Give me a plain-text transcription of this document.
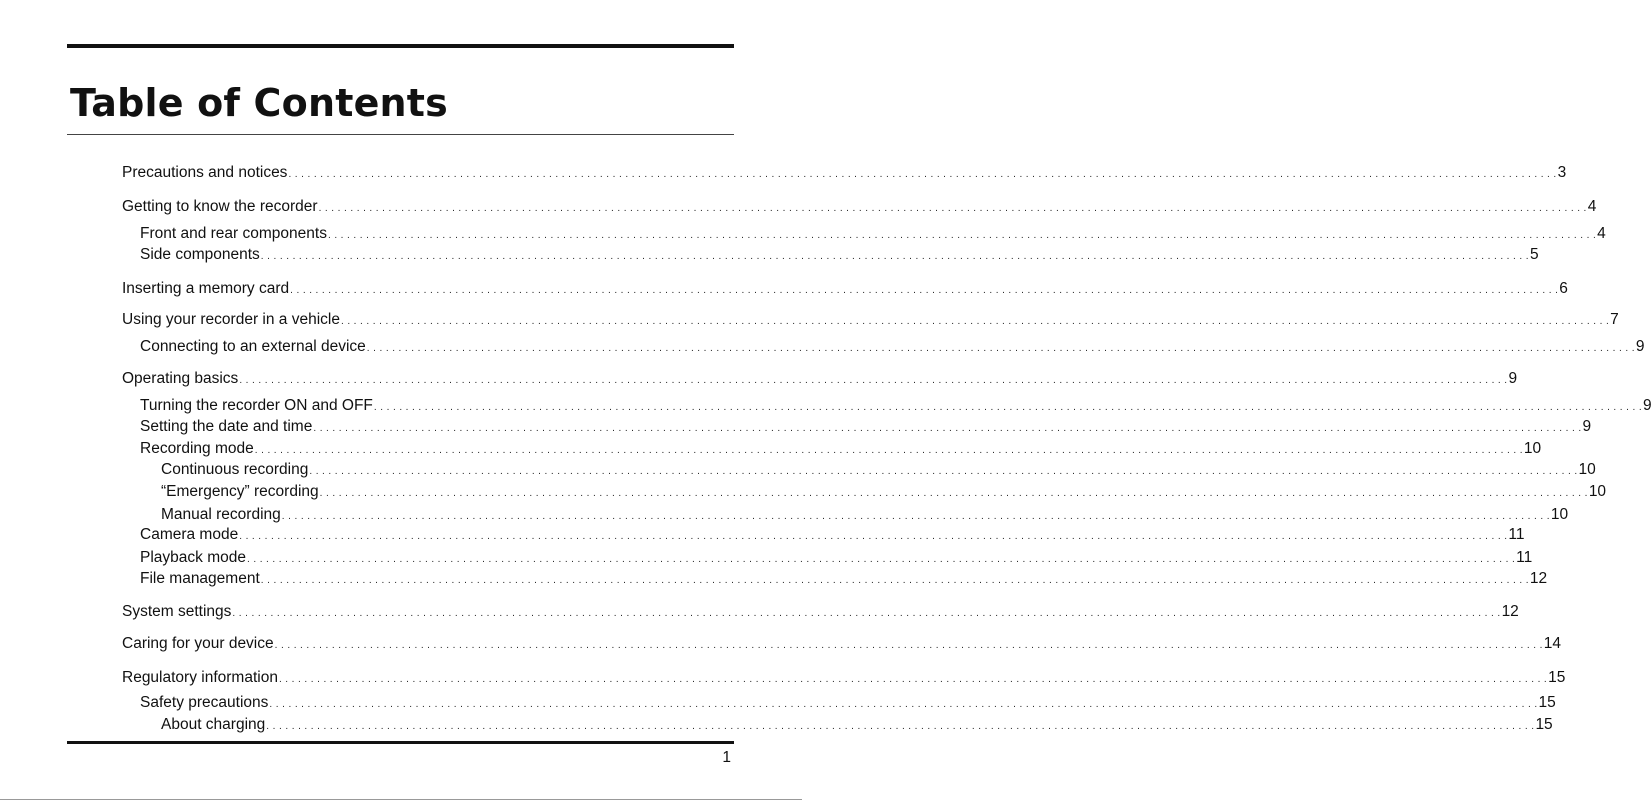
Table of Contents
Precautions and notices . . . . . . . . . . . . . . . . . . . . . . . . . . . . . . . . . . . . . . . . . . . . . . . . . . . . . . . . . . . . . . . . . . . . . . . . . . . . . . . . . . . . . . . . . . . . . . . . . . . . . . . . . . . . . . . . . . . . . . . . . . . . . . . . . . . . . . . . . . . . . . . . . . . . . . . . . . . . . . . . . . . . . . . . . . . . . . . . . . . . . . . . . . . . . . . . . . . . . . . . 3
Getting to know the recorder . . . . . . . . . . . . . . . . . . . . . . . . . . . . . . . . . . . . . . . . . . . . . . . . . . . . . . . . . . . . . . . . . . . . . . . . . . . . . . . . . . . . . . . . . . . . . . . . . . . . . . . . . . . . . . . . . . . . . . . . . . . . . . . . . . . . . . . . . . . . . . . . . . . . . . . . . . . . . . . . . . . . . . . . . . . . . . . . . . . . . . . . . . . . . . . . . . . . . . . . 4
Front and rear components . . . . . . . . . . . . . . . . . . . . . . . . . . . . . . . . . . . . . . . . . . . . . . . . . . . . . . . . . . . . . . . . . . . . . . . . . . . . . . . . . . . . . . . . . . . . . . . . . . . . . . . . . . . . . . . . . . . . . . . . . . . . . . . . . . . . . . . . . . . . . . . . . . . . . . . . . . . . . . . . . . . . . . . . . . . . . . . . . . . . . . . . . . . . . . . . . . . . . . . . 4
Side components . . . . . . . . . . . . . . . . . . . . . . . . . . . . . . . . . . . . . . . . . . . . . . . . . . . . . . . . . . . . . . . . . . . . . . . . . . . . . . . . . . . . . . . . . . . . . . . . . . . . . . . . . . . . . . . . . . . . . . . . . . . . . . . . . . . . . . . . . . . . . . . . . . . . . . . . . . . . . . . . . . . . . . . . . . . . . . . . . . . . . . . . . . . . . . . . . . . . . . . . 5
Inserting a memory card . . . . . . . . . . . . . . . . . . . . . . . . . . . . . . . . . . . . . . . . . . . . . . . . . . . . . . . . . . . . . . . . . . . . . . . . . . . . . . . . . . . . . . . . . . . . . . . . . . . . . . . . . . . . . . . . . . . . . . . . . . . . . . . . . . . . . . . . . . . . . . . . . . . . . . . . . . . . . . . . . . . . . . . . . . . . . . . . . . . . . . . . . . . . . . . . . . . . . . . . 6
Using your recorder in a vehicle . . . . . . . . . . . . . . . . . . . . . . . . . . . . . . . . . . . . . . . . . . . . . . . . . . . . . . . . . . . . . . . . . . . . . . . . . . . . . . . . . . . . . . . . . . . . . . . . . . . . . . . . . . . . . . . . . . . . . . . . . . . . . . . . . . . . . . . . . . . . . . . . . . . . . . . . . . . . . . . . . . . . . . . . . . . . . . . . . . . . . . . . . . . . . . . . . . . . . . . . 7
Connecting to an external device . . . . . . . . . . . . . . . . . . . . . . . . . . . . . . . . . . . . . . . . . . . . . . . . . . . . . . . . . . . . . . . . . . . . . . . . . . . . . . . . . . . . . . . . . . . . . . . . . . . . . . . . . . . . . . . . . . . . . . . . . . . . . . . . . . . . . . . . . . . . . . . . . . . . . . . . . . . . . . . . . . . . . . . . . . . . . . . . . . . . . . . . . . . . . . . . . . . . . . . . 9
Operating basics . . . . . . . . . . . . . . . . . . . . . . . . . . . . . . . . . . . . . . . . . . . . . . . . . . . . . . . . . . . . . . . . . . . . . . . . . . . . . . . . . . . . . . . . . . . . . . . . . . . . . . . . . . . . . . . . . . . . . . . . . . . . . . . . . . . . . . . . . . . . . . . . . . . . . . . . . . . . . . . . . . . . . . . . . . . . . . . . . . . . . . . . . . . . . . . . . . . . . . . . 9
Turning the recorder ON and OFF . . . . . . . . . . . . . . . . . . . . . . . . . . . . . . . . . . . . . . . . . . . . . . . . . . . . . . . . . . . . . . . . . . . . . . . . . . . . . . . . . . . . . . . . . . . . . . . . . . . . . . . . . . . . . . . . . . . . . . . . . . . . . . . . . . . . . . . . . . . . . . . . . . . . . . . . . . . . . . . . . . . . . . . . . . . . . . . . . . . . . . . . . . . . . . . . . . . . . . . . 9
Setting the date and time . . . . . . . . . . . . . . . . . . . . . . . . . . . . . . . . . . . . . . . . . . . . . . . . . . . . . . . . . . . . . . . . . . . . . . . . . . . . . . . . . . . . . . . . . . . . . . . . . . . . . . . . . . . . . . . . . . . . . . . . . . . . . . . . . . . . . . . . . . . . . . . . . . . . . . . . . . . . . . . . . . . . . . . . . . . . . . . . . . . . . . . . . . . . . . . . . . . . . . . . 9
Recording mode . . . . . . . . . . . . . . . . . . . . . . . . . . . . . . . . . . . . . . . . . . . . . . . . . . . . . . . . . . . . . . . . . . . . . . . . . . . . . . . . . . . . . . . . . . . . . . . . . . . . . . . . . . . . . . . . . . . . . . . . . . . . . . . . . . . . . . . . . . . . . . . . . . . . . . . . . . . . . . . . . . . . . . . . . . . . . . . . . . . . . . . . . . . . . . . . . . . . . . . . 10
Continuous recording . . . . . . . . . . . . . . . . . . . . . . . . . . . . . . . . . . . . . . . . . . . . . . . . . . . . . . . . . . . . . . . . . . . . . . . . . . . . . . . . . . . . . . . . . . . . . . . . . . . . . . . . . . . . . . . . . . . . . . . . . . . . . . . . . . . . . . . . . . . . . . . . . . . . . . . . . . . . . . . . . . . . . . . . . . . . . . . . . . . . . . . . . . . . . . . . . . . . . . . . 10
“Emergency” recording . . . . . . . . . . . . . . . . . . . . . . . . . . . . . . . . . . . . . . . . . . . . . . . . . . . . . . . . . . . . . . . . . . . . . . . . . . . . . . . . . . . . . . . . . . . . . . . . . . . . . . . . . . . . . . . . . . . . . . . . . . . . . . . . . . . . . . . . . . . . . . . . . . . . . . . . . . . . . . . . . . . . . . . . . . . . . . . . . . . . . . . . . . . . . . . . . . . . . . . . 10
Manual recording . . . . . . . . . . . . . . . . . . . . . . . . . . . . . . . . . . . . . . . . . . . . . . . . . . . . . . . . . . . . . . . . . . . . . . . . . . . . . . . . . . . . . . . . . . . . . . . . . . . . . . . . . . . . . . . . . . . . . . . . . . . . . . . . . . . . . . . . . . . . . . . . . . . . . . . . . . . . . . . . . . . . . . . . . . . . . . . . . . . . . . . . . . . . . . . . . . . . . . . . 10
Camera mode . . . . . . . . . . . . . . . . . . . . . . . . . . . . . . . . . . . . . . . . . . . . . . . . . . . . . . . . . . . . . . . . . . . . . . . . . . . . . . . . . . . . . . . . . . . . . . . . . . . . . . . . . . . . . . . . . . . . . . . . . . . . . . . . . . . . . . . . . . . . . . . . . . . . . . . . . . . . . . . . . . . . . . . . . . . . . . . . . . . . . . . . . . . . . . . . . . . . . . . . 11
Playback mode . . . . . . . . . . . . . . . . . . . . . . . . . . . . . . . . . . . . . . . . . . . . . . . . . . . . . . . . . . . . . . . . . . . . . . . . . . . . . . . . . . . . . . . . . . . . . . . . . . . . . . . . . . . . . . . . . . . . . . . . . . . . . . . . . . . . . . . . . . . . . . . . . . . . . . . . . . . . . . . . . . . . . . . . . . . . . . . . . . . . . . . . . . . . . . . . . . . . . . . . 11
File management . . . . . . . . . . . . . . . . . . . . . . . . . . . . . . . . . . . . . . . . . . . . . . . . . . . . . . . . . . . . . . . . . . . . . . . . . . . . . . . . . . . . . . . . . . . . . . . . . . . . . . . . . . . . . . . . . . . . . . . . . . . . . . . . . . . . . . . . . . . . . . . . . . . . . . . . . . . . . . . . . . . . . . . . . . . . . . . . . . . . . . . . . . . . . . . . . . . . . . . . 12
System settings . . . . . . . . . . . . . . . . . . . . . . . . . . . . . . . . . . . . . . . . . . . . . . . . . . . . . . . . . . . . . . . . . . . . . . . . . . . . . . . . . . . . . . . . . . . . . . . . . . . . . . . . . . . . . . . . . . . . . . . . . . . . . . . . . . . . . . . . . . . . . . . . . . . . . . . . . . . . . . . . . . . . . . . . . . . . . . . . . . . . . . . . . . . . . . . . . . . . . . . . 12
Caring for your device . . . . . . . . . . . . . . . . . . . . . . . . . . . . . . . . . . . . . . . . . . . . . . . . . . . . . . . . . . . . . . . . . . . . . . . . . . . . . . . . . . . . . . . . . . . . . . . . . . . . . . . . . . . . . . . . . . . . . . . . . . . . . . . . . . . . . . . . . . . . . . . . . . . . . . . . . . . . . . . . . . . . . . . . . . . . . . . . . . . . . . . . . . . . . . . . . . . . . . . . 14
Regulatory information . . . . . . . . . . . . . . . . . . . . . . . . . . . . . . . . . . . . . . . . . . . . . . . . . . . . . . . . . . . . . . . . . . . . . . . . . . . . . . . . . . . . . . . . . . . . . . . . . . . . . . . . . . . . . . . . . . . . . . . . . . . . . . . . . . . . . . . . . . . . . . . . . . . . . . . . . . . . . . . . . . . . . . . . . . . . . . . . . . . . . . . . . . . . . . . . . . . . . . . . 15
Safety precautions . . . . . . . . . . . . . . . . . . . . . . . . . . . . . . . . . . . . . . . . . . . . . . . . . . . . . . . . . . . . . . . . . . . . . . . . . . . . . . . . . . . . . . . . . . . . . . . . . . . . . . . . . . . . . . . . . . . . . . . . . . . . . . . . . . . . . . . . . . . . . . . . . . . . . . . . . . . . . . . . . . . . . . . . . . . . . . . . . . . . . . . . . . . . . . . . . . . . . . . . 15
About charging . . . . . . . . . . . . . . . . . . . . . . . . . . . . . . . . . . . . . . . . . . . . . . . . . . . . . . . . . . . . . . . . . . . . . . . . . . . . . . . . . . . . . . . . . . . . . . . . . . . . . . . . . . . . . . . . . . . . . . . . . . . . . . . . . . . . . . . . . . . . . . . . . . . . . . . . . . . . . . . . . . . . . . . . . . . . . . . . . . . . . . . . . . . . . . . . . . . . . . . . 15
1
